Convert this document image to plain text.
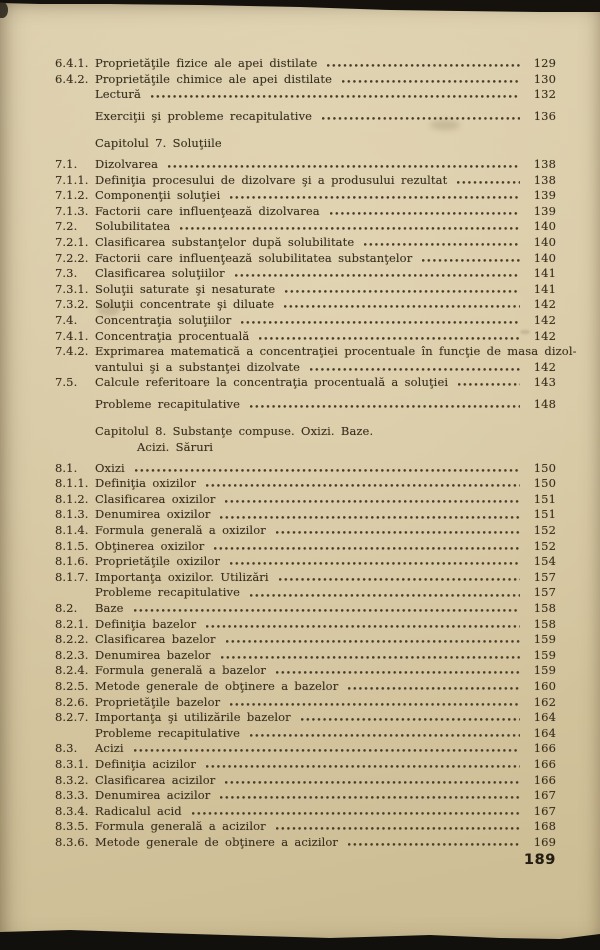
6.4.1. Proprietăţile fizice ale apei distilate	129
6.4.2. Proprietăţile chimice ale apei distilate	130
Lectură	132
Exerciţii şi probleme recapitulative	136
Capitolul 7. Soluţiile
7.1.	Dizolvarea	138
7.1.1. Definiţia procesului de dizolvare şi a produsului rezultat	138
7.1.2. Componenţii soluţiei	139
7.1.3. Factorii care influenţează dizolvarea	139
7.2.	Solubilitatea	140
7.2.1. Clasificarea substanţelor după solubilitate	140
7.2.2. Factorii care influenţează solubilitatea substanţelor	140
7.3.	Clasificarea soluţiilor	141
7.3.1. Soluţii saturate şi nesaturate	141
7.3.2. Soluţii concentrate şi diluate	142
7.4.	Concentraţia soluţiilor	142
7.4.1. Concentraţia procentuală	142
7.4.2. Exprimarea matematică a concentraţiei procentuale în funcţie de masa dizol-
vantului şi a substanţei dizolvate	142
7.5.	Calcule referitoare la concentraţia procentuală a soluţiei	143
Probleme recapitulative	148
Capitolul 8. Substanţe compuse. Oxizi. Baze.
Acizi. Săruri
8.1.	Oxizi	150
8.1.1. Definiţia oxizilor	150
8.1.2. Clasificarea oxizilor	151
8.1.3. Denumirea oxizilor	151
8.1.4. Formula generală a oxizilor	152
8.1.5. Obţinerea oxizilor	152
8.1.6. Proprietăţile oxizilor	154
8.1.7. Importanţa oxizilor. Utilizări	157
Probleme recapitulative	157
8.2.	Baze	158
8.2.1. Definiţia bazelor	158
8.2.2. Clasificarea bazelor	159
8.2.3. Denumirea bazelor	159
8.2.4. Formula generală a bazelor	159
8.2.5. Metode generale de obţinere a bazelor	160
8.2.6. Proprietăţile bazelor	162
8.2.7. Importanţa şi utilizările bazelor	164
Probleme recapitulative	164
8.3.	Acizi	166
8.3.1. Definiţia acizilor	166
8.3.2. Clasificarea acizilor	166
8.3.3. Denumirea acizilor	167
8.3.4. Radicalul acid	167
8.3.5. Formula generală a acizilor	168
8.3.6. Metode generale de obţinere a acizilor	169
189
